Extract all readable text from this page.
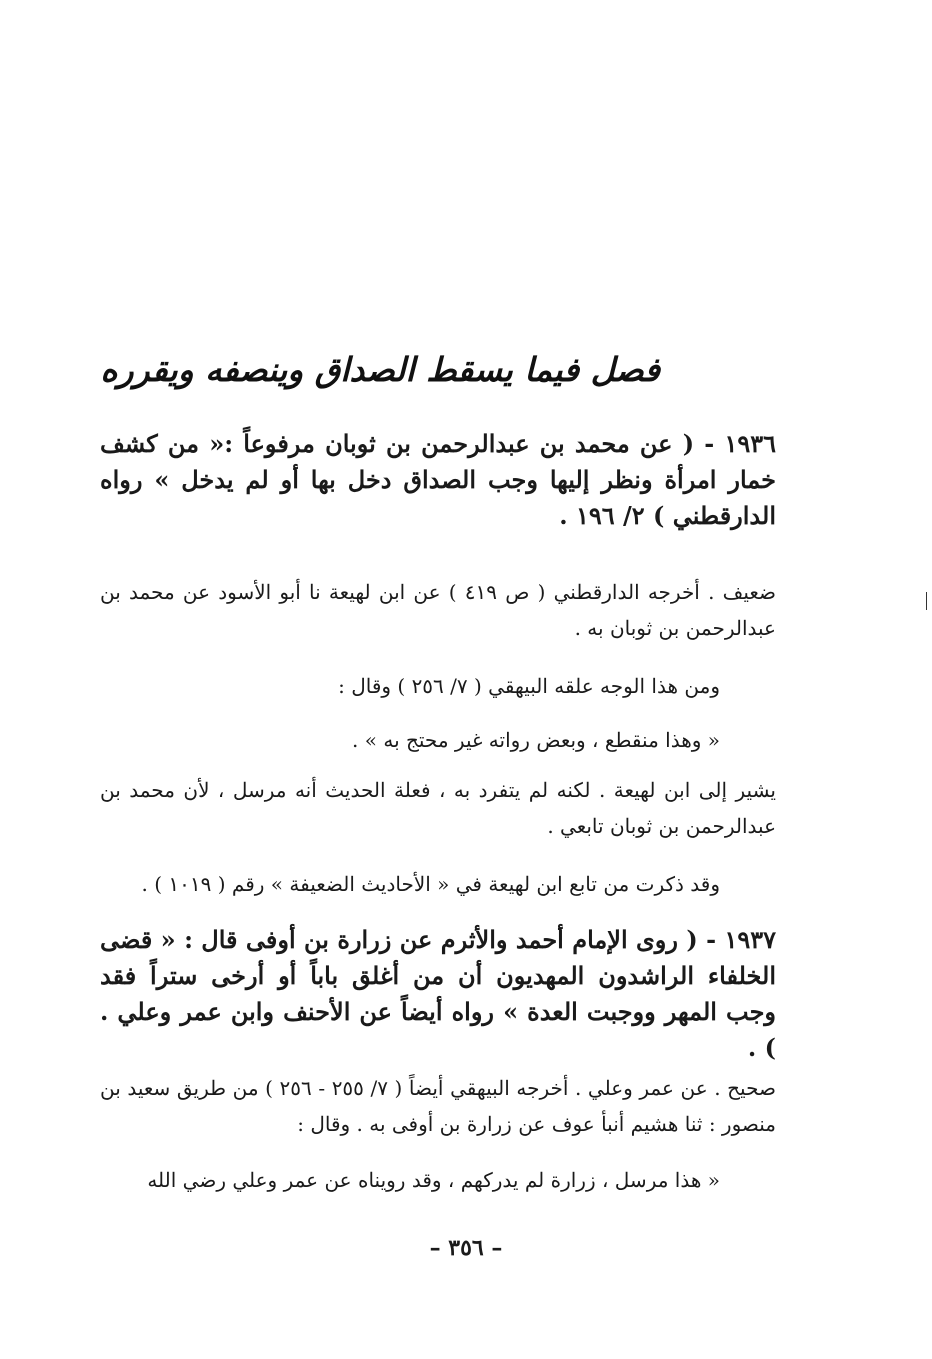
فصل فيما يسقط الصداق وينصفه ويقرره
١٩٣٦ - ( عن محمد بن عبدالرحمن بن ثوبان مرفوعاً :« من كشف خمار امرأة ونظر إليها وجب الصداق دخل بها أو لم يدخل » رواه الدارقطني ) ٢/ ١٩٦ .
ضعيف . أخرجه الدارقطني ( ص ٤١٩ ) عن ابن لهيعة نا أبو الأسود عن محمد بن عبدالرحمن بن ثوبان به .
ومن هذا الوجه علقه البيهقي ( ٧/ ٢٥٦ ) وقال :
« وهذا منقطع ، وبعض رواته غير محتج به » .
يشير إلى ابن لهيعة . لكنه لم يتفرد به ، فعلة الحديث أنه مرسل ، لأن محمد بن عبدالرحمن بن ثوبان تابعي .
وقد ذكرت من تابع ابن لهيعة في « الأحاديث الضعيفة » رقم ( ١٠١٩ ) .
١٩٣٧ - ( روى الإمام أحمد والأثرم عن زرارة بن أوفى قال : « قضى الخلفاء الراشدون المهديون أن من أغلق باباً أو أرخى ستراً فقد وجب المهر ووجبت العدة » رواه أيضاً عن الأحنف وابن عمر وعلي . ) .
صحيح . عن عمر وعلي . أخرجه البيهقي أيضاً ( ٧/ ٢٥٥ - ٢٥٦ ) من طريق سعيد بن منصور : ثنا هشيم أنبأ عوف عن زرارة بن أوفى به . وقال :
« هذا مرسل ، زرارة لم يدركهم ، وقد رويناه عن عمر وعلي رضي الله
– ٣٥٦ –
